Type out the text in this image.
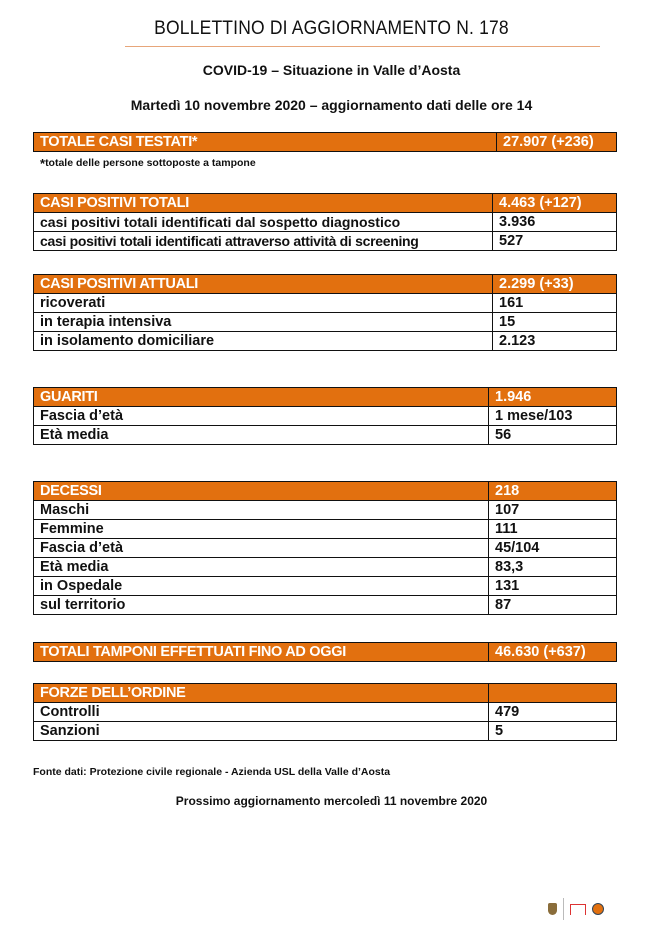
BOLLETTINO DI AGGIORNAMENTO N. 178
COVID-19 – Situazione in Valle d’Aosta
Martedì 10 novembre 2020 – aggiornamento dati delle ore 14
TOTALE CASI TESTATI*	27.907 (+236)
*totale delle persone sottoposte a tampone
CASI POSITIVI TOTALI	4.463 (+127)
casi positivi totali identificati dal sospetto diagnostico	3.936
casi positivi totali identificati attraverso attività di screening	527
CASI POSITIVI ATTUALI	2.299 (+33)
ricoverati	161
in terapia intensiva	15
in isolamento domiciliare	2.123
GUARITI	1.946
Fascia d’età	1 mese/103
Età media	56
DECESSI	218
Maschi	107
Femmine	111
Fascia d’età	45/104
Età media	83,3
in Ospedale	131
sul territorio	87
TOTALI TAMPONI EFFETTUATI FINO AD OGGI	46.630 (+637)
FORZE DELL’ORDINE	
Controlli	479
Sanzioni	5
Fonte dati: Protezione civile regionale - Azienda USL della Valle d’Aosta
Prossimo aggiornamento mercoledì 11 novembre 2020
